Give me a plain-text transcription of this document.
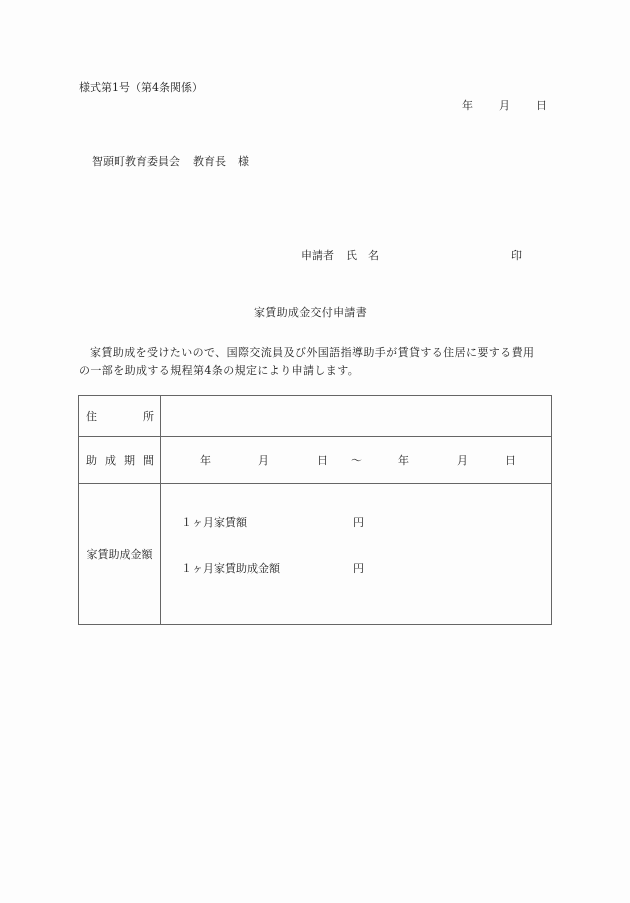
様式第1号（第4条関係）
年 月 日
智頭町教育委員会 教育長 様
申請者 氏 名	印
家賃助成金交付申請書
家賃助成を受けたいので、国際交流員及び外国語指導助手が賃貸する住居に要する費用
の一部を助成する規程第4条の規定により申請します。
住 所	

助 成 期 間	年	月	日 ～	年	月	日

家賃助成金額	１ヶ月家賃額 円
１ヶ月家賃助成金額 円
